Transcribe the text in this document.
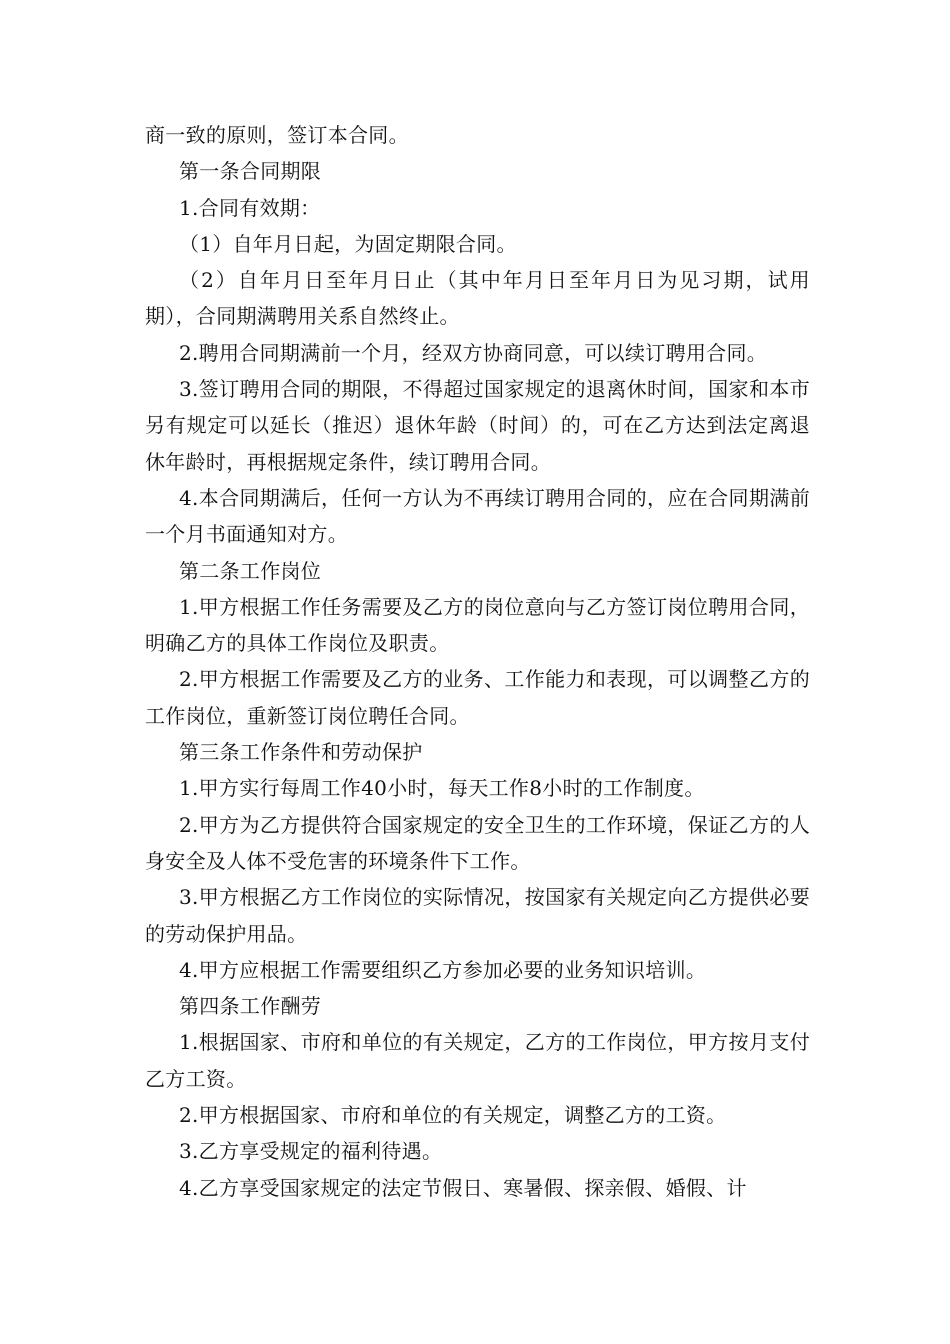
商一致的原则，签订本合同。

第一条合同期限

1.合同有效期：

（1）自年月日起，为固定期限合同。

（2）自年月日至年月日止（其中年月日至年月日为见习期，试用期），合同期满聘用关系自然终止。

2.聘用合同期满前一个月，经双方协商同意，可以续订聘用合同。

3.签订聘用合同的期限，不得超过国家规定的退离休时间，国家和本市另有规定可以延长（推迟）退休年龄（时间）的，可在乙方达到法定离退休年龄时，再根据规定条件，续订聘用合同。

4.本合同期满后，任何一方认为不再续订聘用合同的，应在合同期满前一个月书面通知对方。

第二条工作岗位

1.甲方根据工作任务需要及乙方的岗位意向与乙方签订岗位聘用合同，明确乙方的具体工作岗位及职责。

2.甲方根据工作需要及乙方的业务、工作能力和表现，可以调整乙方的工作岗位，重新签订岗位聘任合同。

第三条工作条件和劳动保护

1.甲方实行每周工作40小时，每天工作8小时的工作制度。

2.甲方为乙方提供符合国家规定的安全卫生的工作环境，保证乙方的人身安全及人体不受危害的环境条件下工作。

3.甲方根据乙方工作岗位的实际情况，按国家有关规定向乙方提供必要的劳动保护用品。

4.甲方应根据工作需要组织乙方参加必要的业务知识培训。

第四条工作酬劳

1.根据国家、市府和单位的有关规定，乙方的工作岗位，甲方按月支付乙方工资。

2.甲方根据国家、市府和单位的有关规定，调整乙方的工资。

3.乙方享受规定的福利待遇。

4.乙方享受国家规定的法定节假日、寒暑假、探亲假、婚假、计
